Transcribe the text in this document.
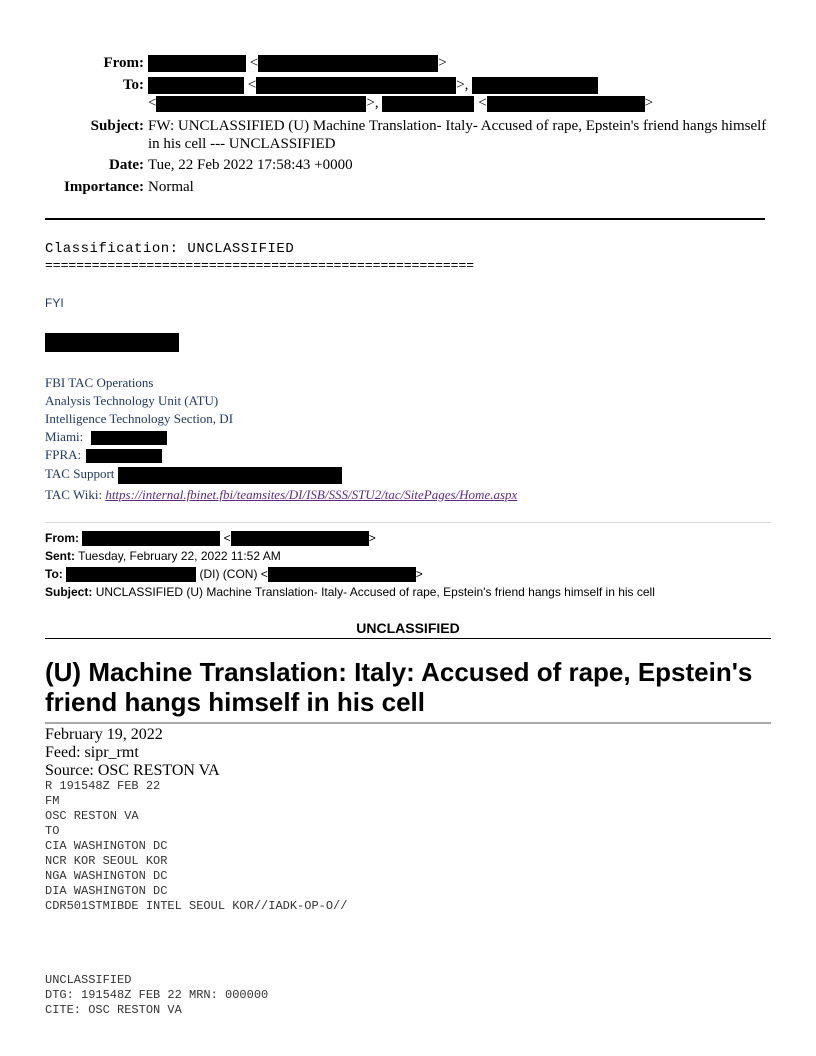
From:	<	>
To:	<	>,
<	>,	<	>
Subject: FW: UNCLASSIFIED (U) Machine Translation- Italy- Accused of rape, Epstein's friend hangs himself in his cell --- UNCLASSIFIED
Date: Tue, 22 Feb 2022 17:58:43 +0000
Importance: Normal
Classification: UNCLASSIFIED
=======================================================
FYI
FBI TAC Operations
Analysis Technology Unit (ATU)
Intelligence Technology Section, DI
Miami:
FPRA:
TAC Support
TAC Wiki: https://internal.fbinet.fbi/teamsites/DI/ISB/SSS/STU2/tac/SitePages/Home.aspx
From:	<	>
Sent: Tuesday, February 22, 2022 11:52 AM
To:	(DI) (CON) <	>
Subject: UNCLASSIFIED (U) Machine Translation- Italy- Accused of rape, Epstein's friend hangs himself in his cell
UNCLASSIFIED
(U) Machine Translation: Italy: Accused of rape, Epstein's friend hangs himself in his cell
February 19, 2022
Feed: sipr_rmt
Source: OSC RESTON VA
R 191548Z FEB 22
FM
OSC RESTON VA
TO
CIA WASHINGTON DC
NCR KOR SEOUL KOR
NGA WASHINGTON DC
DIA WASHINGTON DC
CDR501STMIBDE INTEL SEOUL KOR//IADK-OP-O//
UNCLASSIFIED
DTG: 191548Z FEB 22 MRN: 000000
CITE: OSC RESTON VA
